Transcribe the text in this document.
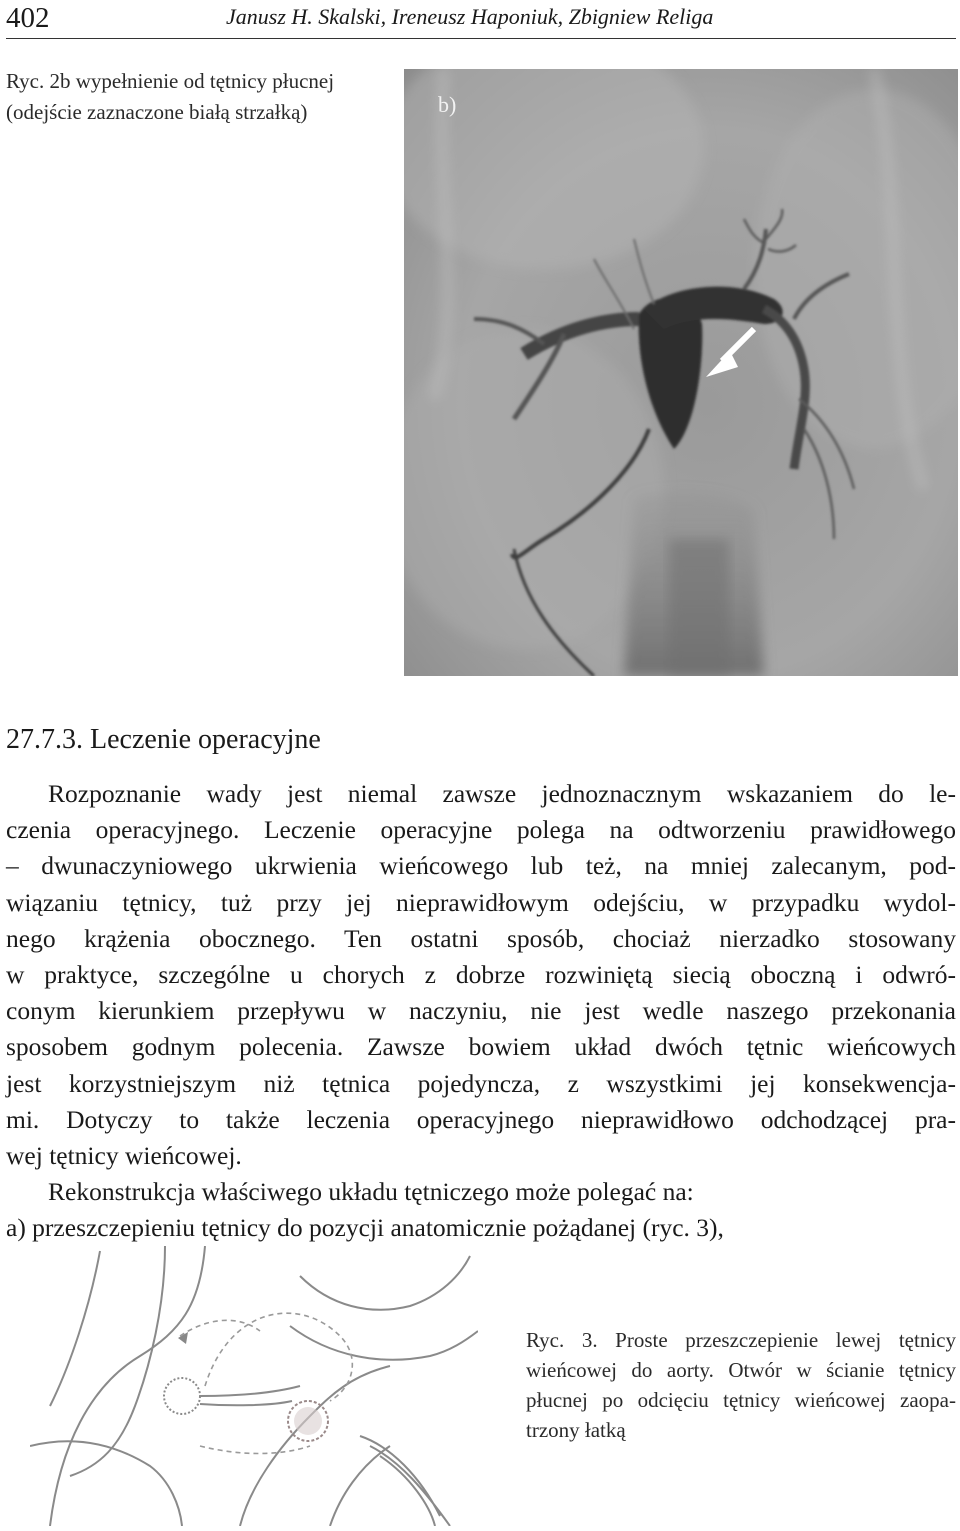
402	Janusz H. Skalski, Ireneusz Haponiuk, Zbigniew Religa
Ryc. 2b wypełnienie od tętnicy płucnej
(odejście zaznaczone białą strzałką)	b)
27.7.3. Leczenie operacyjne
Rozpoznanie wady jest niemal zawsze jednoznacznym wskazaniem do le-
czenia operacyjnego. Leczenie operacyjne polega na odtworzeniu prawidłowego
– dwunaczyniowego ukrwienia wieńcowego lub też, na mniej zalecanym, pod-
wiązaniu tętnicy, tuż przy jej nieprawidłowym odejściu, w przypadku wydol-
nego krążenia obocznego. Ten ostatni sposób, chociaż nierzadko stosowany
w praktyce, szczególne u chorych z dobrze rozwiniętą siecią oboczną i odwró-
conym kierunkiem przepływu w naczyniu, nie jest wedle naszego przekonania
sposobem godnym polecenia. Zawsze bowiem układ dwóch tętnic wieńcowych
jest korzystniejszym niż tętnica pojedyncza, z wszystkimi jej konsekwencja-
mi. Dotyczy to także leczenia operacyjnego nieprawidłowo odchodzącej pra-
wej tętnicy wieńcowej.
Rekonstrukcja właściwego układu tętniczego może polegać na:
a) przeszczepieniu tętnicy do pozycji anatomicznie pożądanej (ryc. 3),
Ryc. 3. Proste przeszczepienie lewej tętnicy
wieńcowej do aorty. Otwór w ścianie tętnicy
płucnej po odcięciu tętnicy wieńcowej zaopa-
trzony łatką
